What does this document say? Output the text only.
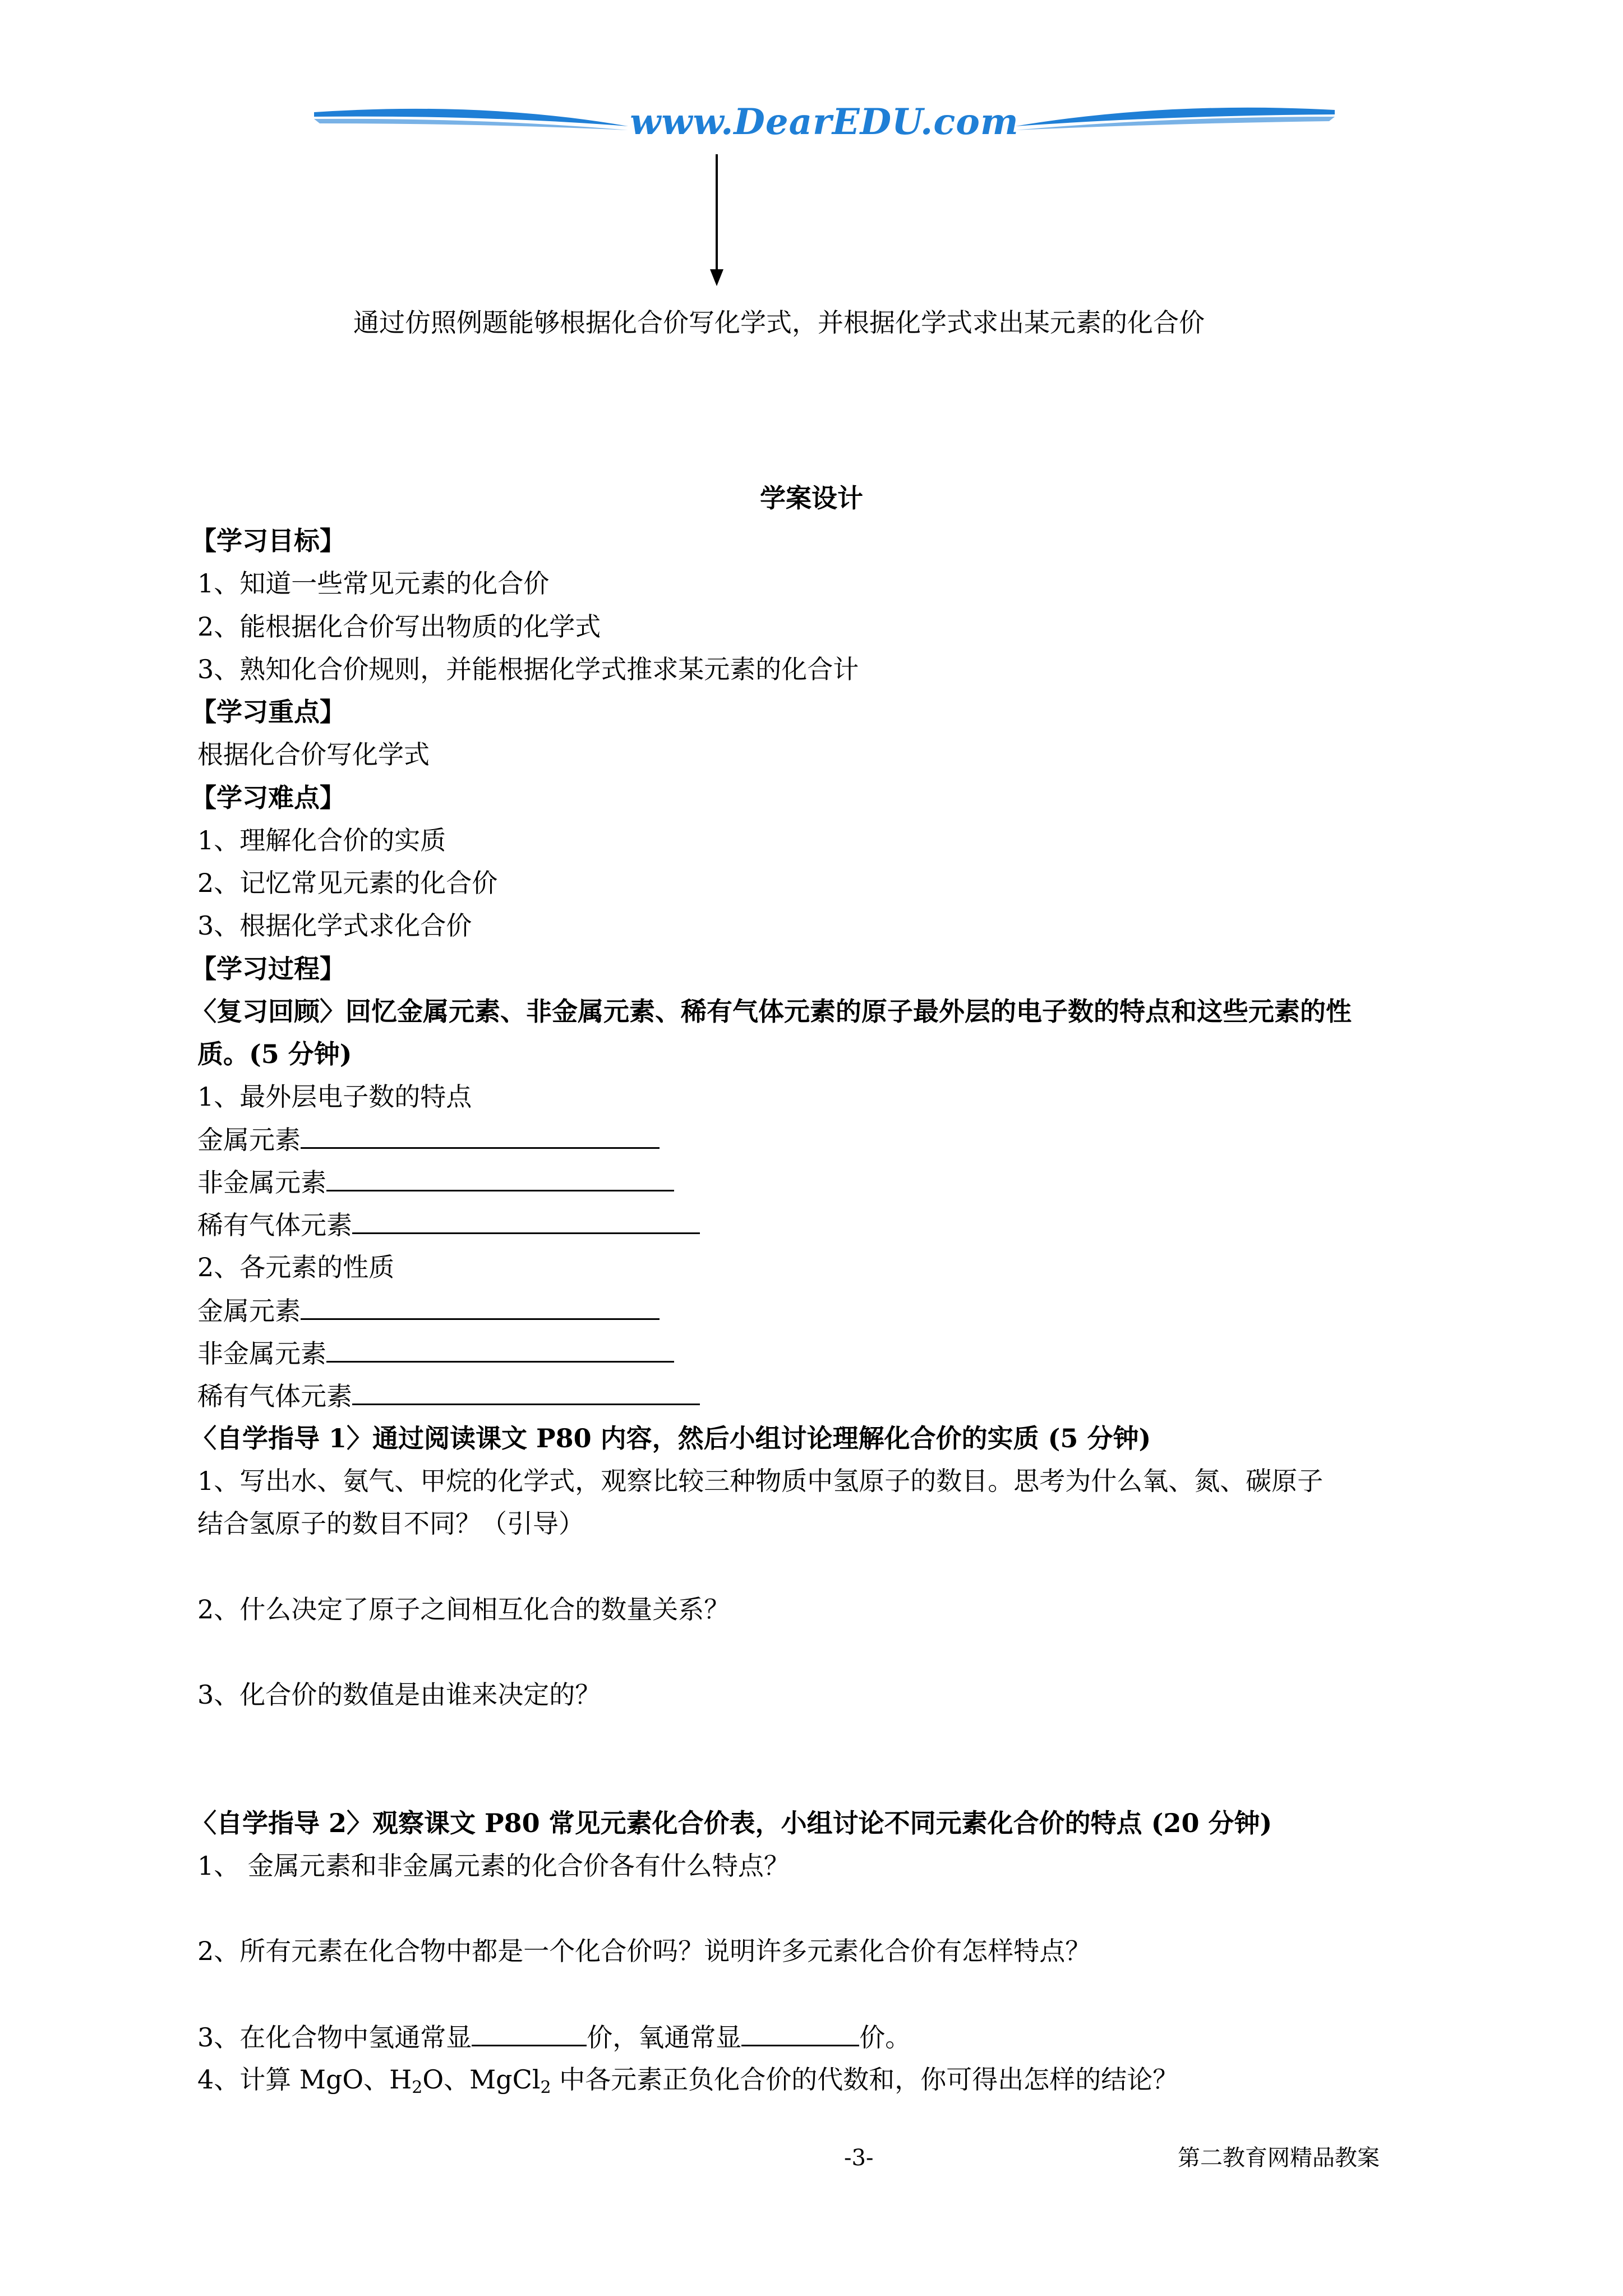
www.DearEDU.com
通过仿照例题能够根据化合价写化学式，并根据化学式求出某元素的化合价
学案设计
【学习目标】
1、知道一些常见元素的化合价
2、能根据化合价写出物质的化学式
3、熟知化合价规则，并能根据化学式推求某元素的化合计
【学习重点】
根据化合价写化学式
【学习难点】
1、理解化合价的实质
2、记忆常见元素的化合价
3、根据化学式求化合价
【学习过程】
〈复习回顾〉回忆金属元素、非金属元素、稀有气体元素的原子最外层的电子数的特点和这些元素的性
质。(5 分钟)
1、最外层电子数的特点
金属元素
非金属元素
稀有气体元素
2、各元素的性质
金属元素
非金属元素
稀有气体元素
〈自学指导 1〉通过阅读课文 P80 内容，然后小组讨论理解化合价的实质 (5 分钟)
1、写出水、氨气、甲烷的化学式，观察比较三种物质中氢原子的数目。思考为什么氧、氮、碳原子
结合氢原子的数目不同？（引导）
2、什么决定了原子之间相互化合的数量关系？
3、化合价的数值是由谁来决定的？
〈自学指导 2〉观察课文 P80 常见元素化合价表，小组讨论不同元素化合价的特点 (20 分钟)
1、 金属元素和非金属元素的化合价各有什么特点？
2、所有元素在化合物中都是一个化合价吗？说明许多元素化合价有怎样特点？
3、在化合物中氢通常显	价，氧通常显	价。
4、计算 MgO、$H_2O$、MgCl$_2$ 中各元素正负化合价的代数和，你可得出怎样的结论？
-3-	第二教育网精品教案
